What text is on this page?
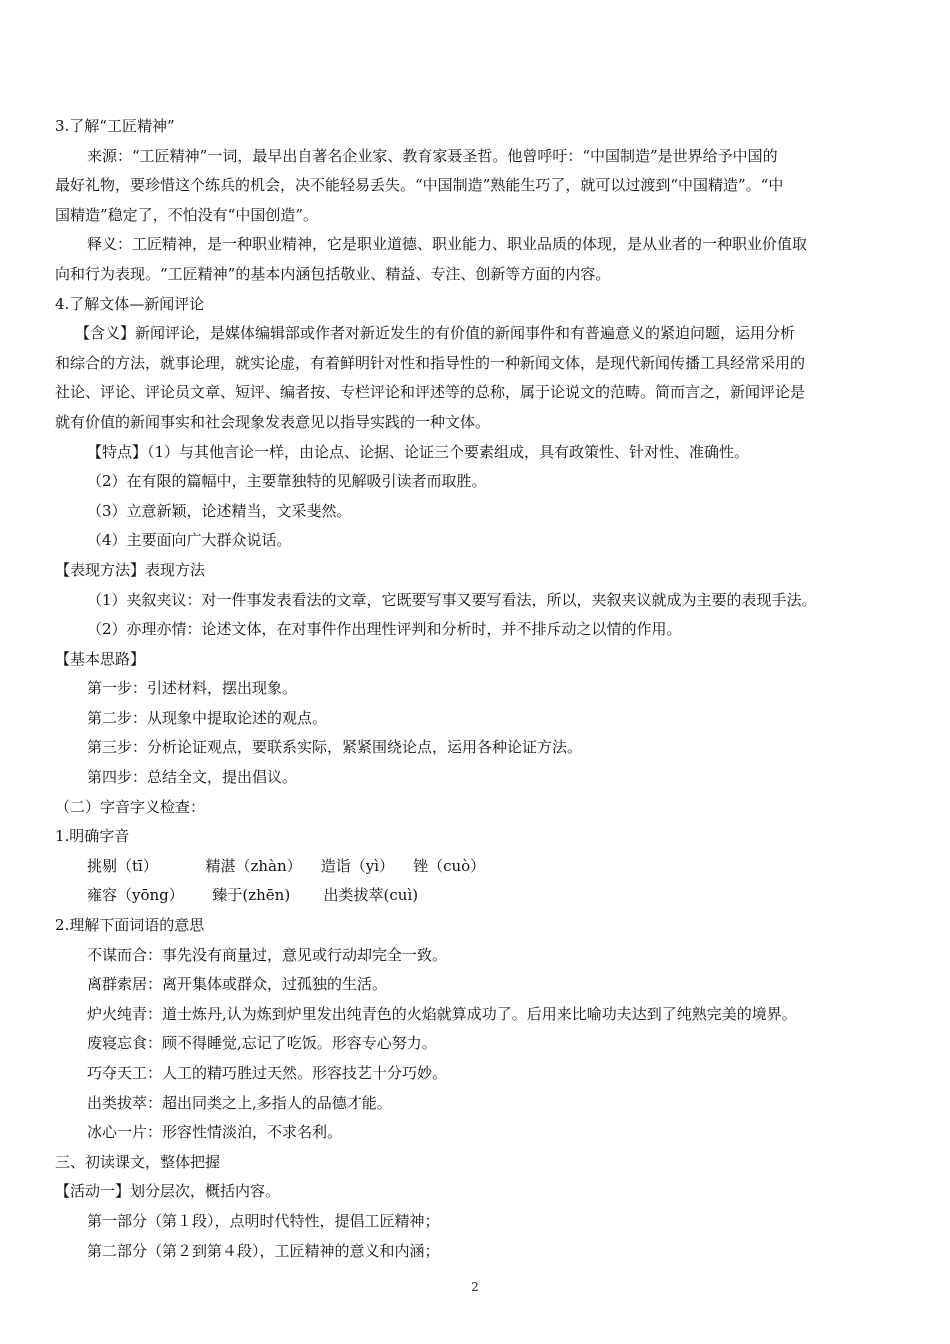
3.了解“工匠精神”
来源：“工匠精神”一词，最早出自著名企业家、教育家聂圣哲。他曾呼吁：“中国制造”是世界给予中国的
最好礼物，要珍惜这个练兵的机会，决不能轻易丢失。“中国制造”熟能生巧了，就可以过渡到“中国精造”。“中
国精造”稳定了，不怕没有“中国创造”。
释义：工匠精神，是一种职业精神，它是职业道德、职业能力、职业品质的体现，是从业者的一种职业价值取
向和行为表现。“工匠精神”的基本内涵包括敬业、精益、专注、创新等方面的内容。
4.了解文体—新闻评论
【含义】新闻评论，是媒体编辑部或作者对新近发生的有价值的新闻事件和有普遍意义的紧迫问题，运用分析
和综合的方法，就事论理，就实论虚，有着鲜明针对性和指导性的一种新闻文体，是现代新闻传播工具经常采用的
社论、评论、评论员文章、短评、编者按、专栏评论和评述等的总称，属于论说文的范畴。简而言之，新闻评论是
就有价值的新闻事实和社会现象发表意见以指导实践的一种文体。
【特点】（1）与其他言论一样，由论点、论据、论证三个要素组成，具有政策性、针对性、准确性。
（2）在有限的篇幅中，主要靠独特的见解吸引读者而取胜。
（3）立意新颖，论述精当，文采斐然。
（4）主要面向广大群众说话。
【表现方法】表现方法
（1）夹叙夹议：对一件事发表看法的文章，它既要写事又要写看法，所以，夹叙夹议就成为主要的表现手法。
（2）亦理亦情：论述文体，在对事件作出理性评判和分析时，并不排斥动之以情的作用。
【基本思路】
第一步：引述材料，摆出现象。
第二步：从现象中提取论述的观点。
第三步：分析论证观点，要联系实际，紧紧围绕论点，运用各种论证方法。
第四步：总结全文，提出倡议。
（二）字音字义检查：
1.明确字音
挑剔（tī）          精湛（zhàn）    造诣（yì）    锉（cuò）
雍容（yōng）      臻于(zhēn)       出类拔萃(cuì)
2.理解下面词语的意思
不谋而合：事先没有商量过，意见或行动却完全一致。
离群索居：离开集体或群众，过孤独的生活。
炉火纯青：道士炼丹,认为炼到炉里发出纯青色的火焰就算成功了。后用来比喻功夫达到了纯熟完美的境界。
废寝忘食：顾不得睡觉,忘记了吃饭。形容专心努力。
巧夺天工：人工的精巧胜过天然。形容技艺十分巧妙。
出类拔萃：超出同类之上,多指人的品德才能。
冰心一片：形容性情淡泊，不求名利。
三、初读课文，整体把握
【活动一】划分层次，概括内容。
第一部分（第１段），点明时代特性，提倡工匠精神；
第二部分（第２到第４段），工匠精神的意义和内涵；
2
